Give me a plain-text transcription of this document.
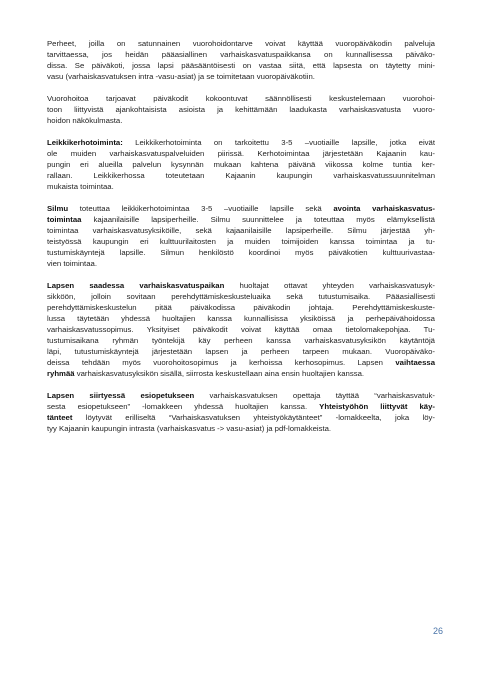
Perheet, joilla on satunnainen vuorohoidontarve voivat käyttää vuoropäiväkodin palveluja
tarvittaessa, jos heidän pääasiallinen varhaiskasvatuspaikkansa on kunnallisessa päiväko-
dissa. Se päiväkoti, jossa lapsi pääsääntöisesti on vastaa siitä, että lapsesta on täytetty mini-
vasu (varhaiskasvatuksen intra -vasu-asiat) ja se toimitetaan vuoropäiväkotiin.
Vuorohoitoa tarjoavat päiväkodit kokoontuvat säännöllisesti keskustelemaan vuorohoi-
toon liittyvistä ajankohtaisista asioista ja kehittämään laadukasta varhaiskasvatusta vuoro-
hoidon näkökulmasta.
Leikkikerhotoiminta: Leikkikerhotoiminta on tarkoitettu 3-5 –vuotiaille lapsille, jotka eivät
ole muiden varhaiskasvatuspalveluiden piirissä. Kerhotoimintaa järjestetään Kajaanin kau-
pungin eri alueilla palvelun kysynnän mukaan kahtena päivänä viikossa kolme tuntia ker-
rallaan. Leikkikerhossa toteutetaan Kajaanin kaupungin varhaiskasvatussuunnitelman
mukaista toimintaa.
Silmu toteuttaa leikkikerhotoimintaa 3-5 –vuotiaille lapsille sekä avointa varhaiskasvatus-
toimintaa kajaanilaisille lapsiperheille. Silmu suunnittelee ja toteuttaa myös elämyksellistä
toimintaa varhaiskasvatusyksiköille, sekä kajaanilaisille lapsiperheille. Silmu järjestää yh-
teistyössä kaupungin eri kulttuurilaitosten ja muiden toimijoiden kanssa toimintaa ja tu-
tustumiskäyntejä lapsille. Silmun henkilöstö koordinoi myös päiväkotien kulttuurivastaa-
vien toimintaa.
Lapsen saadessa varhaiskasvatuspaikan huoltajat ottavat yhteyden varhaiskasvatusyk-
sikköön, jolloin sovitaan perehdyttämiskeskusteluaika sekä tutustumisaika. Pääasiallisesti
perehdyttämiskeskustelun pitää päiväkodissa päiväkodin johtaja. Perehdyttämiskeskuste-
lussa täytetään yhdessä huoltajien kanssa kunnallisissa yksiköissä ja perhepäivähoidossa
varhaiskasvatussopimus. Yksityiset päiväkodit voivat käyttää omaa tietolomakepohjaa. Tu-
tustumisaikana ryhmän työntekijä käy perheen kanssa varhaiskasvatusyksikön käytäntöjä
läpi, tutustumiskäyntejä järjestetään lapsen ja perheen tarpeen mukaan. Vuoropäiväko-
deissa tehdään myös vuorohoitosopimus ja kerhoissa kerhosopimus. Lapsen vaihtaessa
ryhmää varhaiskasvatusyksikön sisällä, siirrosta keskustellaan aina ensin huoltajien kanssa.
Lapsen siirtyessä esiopetukseen varhaiskasvatuksen opettaja täyttää “varhaiskasvatuk-
sesta esiopetukseen” -lomakkeen yhdessä huoltajien kanssa. Yhteistyöhön liittyvät käy-
tänteet löytyvät erilliseltä “Varhaiskasvatuksen yhteistyökäytänteet” -lomakkeelta, joka löy-
tyy Kajaanin kaupungin intrasta (varhaiskasvatus -> vasu-asiat) ja pdf-lomakkeista.
26
